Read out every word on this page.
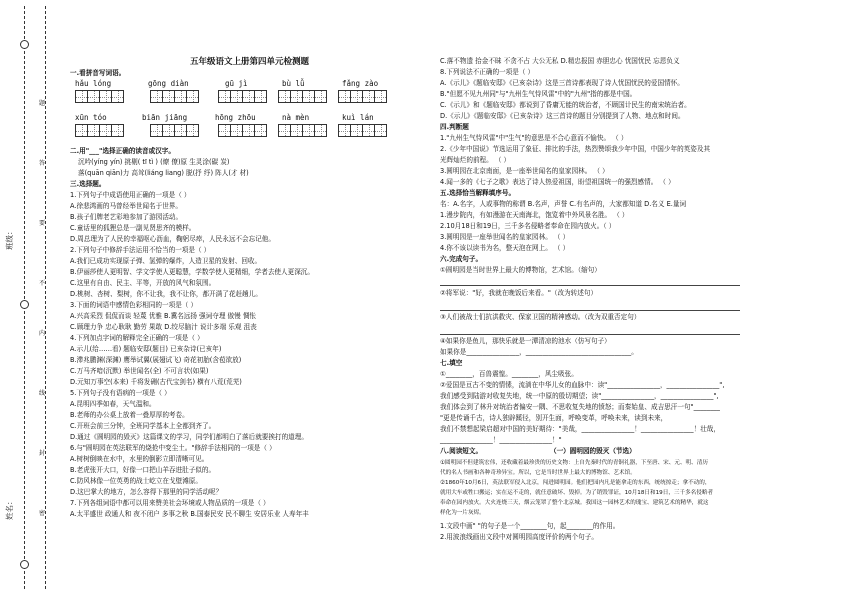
班级：
姓名：
题
答
要
不
内
线
封
密
五年级语文上册第四单元检测题
一.看拼音写词语。
hǎu lóng	gōng diàn	gū jì	bù lǚ	fǎng zào
xūn tóo	biān jiāng	hōng zhōu	nà mèn	kuì lán
二.用"___"选择正确的读音或汉字。
沉吟(yíng yín) 挑剔( tī tì ) (燎 僚)原 生灵涂(碳 炭)
落(quān qiān)力 高耸(liáng liang) 脱(抒 纾) 阵人(才 材)
三.选择题。
1.下列句子中成语使用正确的一项是（ ）
A.徐悲鸿画的马曾经举世闻名于世界。
B.孩子们牌老艺彩地参加了游园活动。
C.童话里的狐狸总是一副见贤思齐的模样。
D.周总理为了人民的幸福呕心沥血，鞠躬尽瘁，人民永远不会忘记他。
2.下列句子中修辞手法运用不恰当的一项是（ ）
A.我们已成功实现原子弹、氢弹的爆炸，人造卫星的发射、回收。
B.伊丽莎使人更明智、学文学使人更聪慧，学数学使人更精细，学者去使人更深沉。
C.这里有自由、民主、平等，开放的风气和氛围。
D.桃树、杏树、梨树，你不让我，我不让你，都开满了花赶趟儿。
3.下面的词语中感情色彩相同的一项是（ ）
A.兴高采烈 侃侃而谈 轻蔑 优雅 B.冀名远扬 强词夺理 傲慢 惆怅
C.顾理力争 忠心耿耿 勤劳 果敢 D.绞尽脑汁 说计多端 乐观 沮丧
4.下列加点字词的解释完全正确的一项是（ ）
A.示儿(给……看) 题临安邸(题目) 已亥杂诗(已亥年)
B.滞兆鹏渊(深渊) 鹰举试翼(展翅试飞) 奇花初胎(含苞欲放)
C.万马齐喑(沉默) 举世闻名(全) 不可言状(如果)
D.元知万事空(本来) 千将发硎(古代宝剑名) 横有八荒(荒芜)
5.下列句子没有语病的一项是（ ）
A.昆明四季如春，天气温和。
B.老师的办公桌上放着一叠厚厚的考卷。
C.开班会前三分钟，全班同学基本上全都到齐了。
D.通过《圆明园的毁灭》这篇课文的学习，同学们都明白了落后就要挨打的道理。
6.与"圆明园在英法联军的烧抢中变尘土。"修辞手法相同的一项是（ ）
A.树树倒映在水中，水里的倒影立即清晰可见。
B.老虎张开大口，好像一口把山羊吞进肚子似的。
C.防风林像一位英勇的战士屹立在戈壁滩原。
D.这巴掌大的地方，怎么容得下那里的同学活动呢？
7.下列各组词语中都可以用来赞美社会环境或人物品质的一项是（ ）
A.太平盛世 政通人和 夜不闭户 多事之秋 B.国泰民安 民不聊生 安居乐业 人寿年丰
C.落不物遗 拾金不昧 不贪不占 大公无私 D.精忠报国 赤胆忠心 忧国忧民 忘恩负义
8.下列说法不正确的一项是（ ）
A.《示儿》《题临安邸》《已亥杂诗》这是三首诗都表现了诗人忧国忧民的爱国情怀。
B."但愿不见九州同"与"九州生气恃风雷"中的"九州"指的都是中国。
C.《示儿》和《题临安邸》都说到了昏庸无能的统治者，不顾国计民生的南宋统治者。
D.《示儿》《题临安邸》《已亥杂诗》这三首诗的题目分别提到了人物、地点和时间。
四.判断题
1."九州生气恃风雷"中"生气"的意思是不合心意而不愉快。 （ ）
2.《少年中国说》节选运用了象征、排比的手法，热烈赞颂我少年中国，中国少年的英姿及其
光辉灿烂的前程。 （ ）
3.圆明园在北京南面，是一座举世闻名的皇家园林。 （ ）
4.闻一多的《七子之歌》表达了诗人热爱祖国，盼望祖国统一的强烈感情。 （ ）
五.选择恰当解释填序号。
名：A.名字，人或事物的称谓 B.名声，声誉 C.有名声的，大家都知道 D.名义 E.量词
1.漫步院内，有如漫游在天南海北，饱览着中外风景名胜。 （ ）
2.10月18日和19日，三千多名侵略者奉命在园内放火。（ ）
3.圆明园是一座举世闻名的皇家园林。 （ ）
4.你不该以读书为名，整天泡在网上。 （ ）
六.完成句子。
①圆明园是当时世界上最大的博物馆，艺术馆。（缩句）
②将军说："好，我就在晚饭后来看。"（改为转述句）
③人们被战士们抗洪救灾、保家卫国的精神感动。（改为双重否定句）
④如果你是鱼儿，那快乐就是一潭清凉的池水（仿写句子）
如果你是________________，________________________________。
七.填空
①________，百兽震惶。________，风尘吸张。
②爱国是亘古不变的情愫，流淌在中华儿女的血脉中：读"________________，________________",
我们感受到陆游对收复失地，统一中原的殷切期望；读"________________，________________",
我们体会到了林升对统治者偏安一隅、不思收复失地的愤怒；而秦始皇、成吉思汗一句"________
"更是传诵千古，诗人独辟蹊径，别开生面，呼唤变革，呼唤未来，读到未来，
我们不禁想起梁启超对中国的美好期待："美哉，________________！________________！壮哉，
________________！________________！"
八.阅读短文。	（一）圆明园的毁灭（节选）
①圆明园不但建筑宏伟，还收藏着最珍贵的历史文物：上自先秦时代的青铜礼器，下至唐、宋、元、明、清历
代的名人书画和各种奇珍异宝。所以，它是当时世界上最大的博物馆、艺术馆。
②1860年10月6日，英法联军侵入北京，闯进圆明园。他们把园内凡是能拿走的东西，统统掠走；拿不动的，
就用大车或牲口搬运；实在运不走的，就任意破坏、毁掉。为了销毁罪证，10月18日和19日，三千多名侵略者
奉命在园内放火。大火连烧三天，烟云笼罩了整个北京城。我国这一园林艺术的瑰宝、建筑艺术的精华，就这
样化为一片灰烬。
1.文段中画" "的句子是一个________句，起________的作用。
2.用波浪线画出文段中对圆明园高度评价的两个句子。
